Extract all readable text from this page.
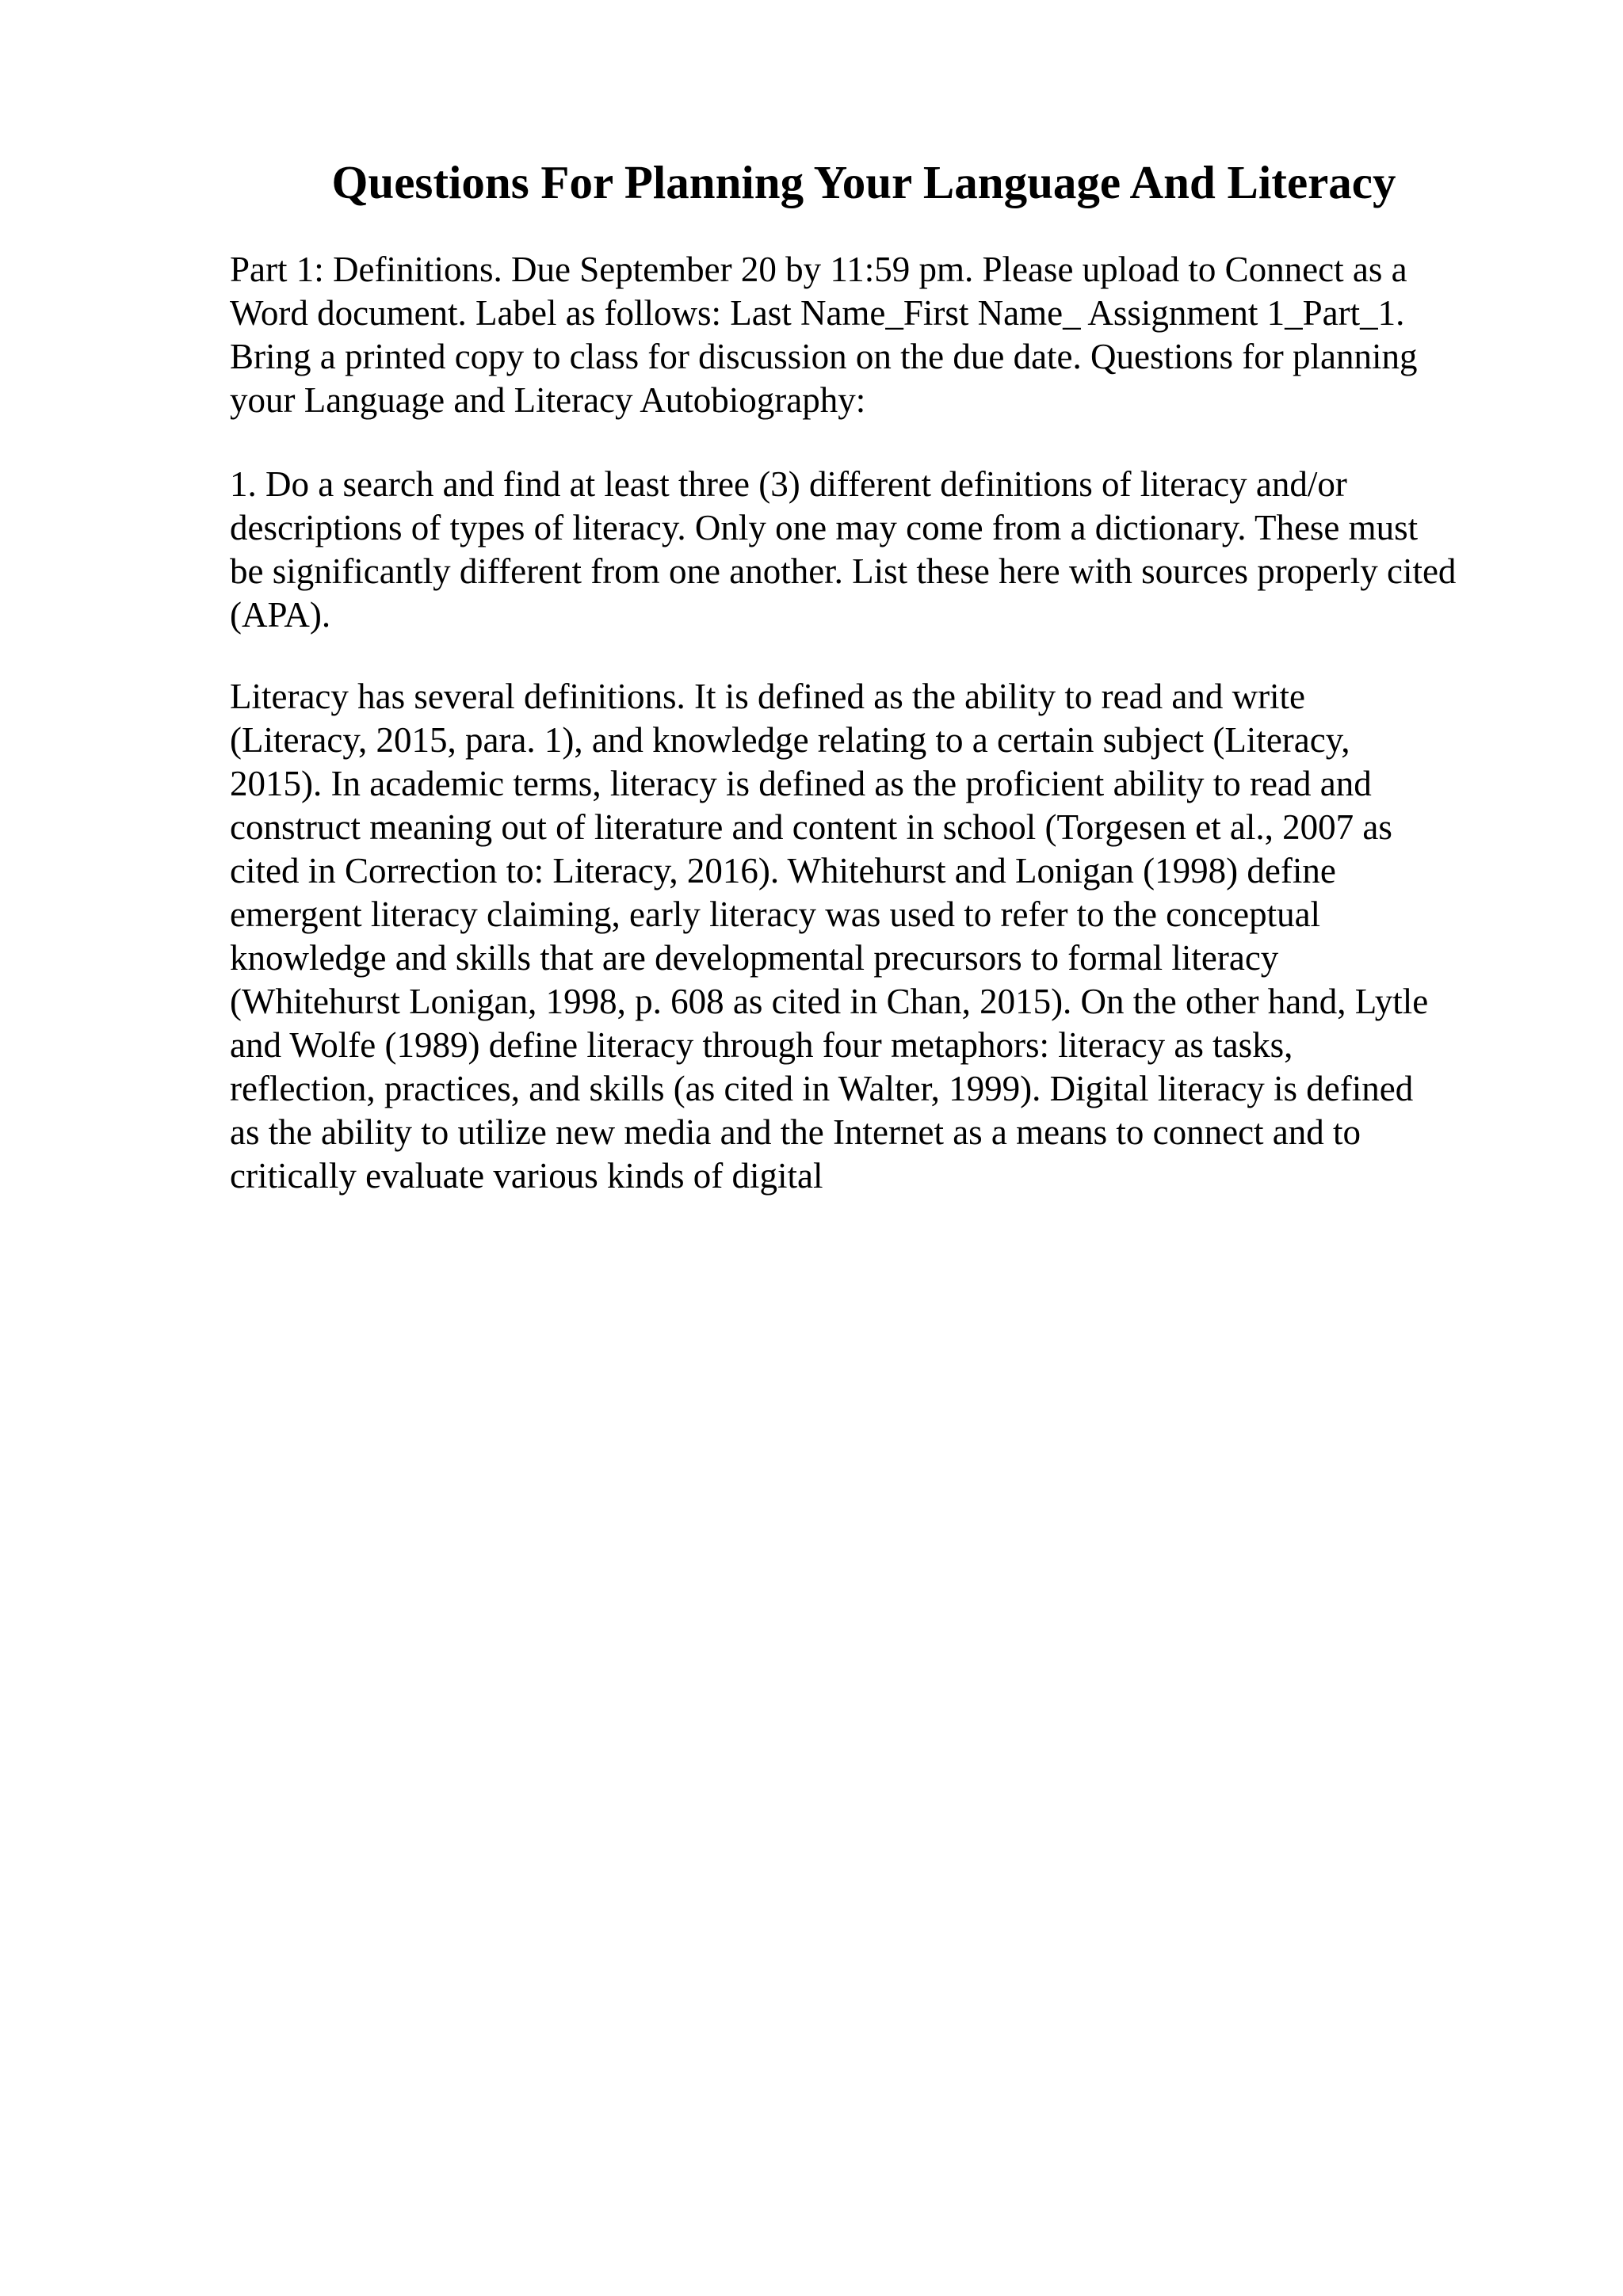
Questions For Planning Your Language And Literacy

Part 1: Definitions. Due September 20 by 11:59 pm. Please upload to Connect as a
Word document. Label as follows: Last Name_First Name_ Assignment 1_Part_1.
Bring a printed copy to class for discussion on the due date. Questions for planning
your Language and Literacy Autobiography:

1. Do a search and find at least three (3) different definitions of literacy and/or
descriptions of types of literacy. Only one may come from a dictionary. These must
be significantly different from one another. List these here with sources properly cited
(APA).

Literacy has several definitions. It is defined as the ability to read and write
(Literacy, 2015, para. 1), and knowledge relating to a certain subject (Literacy,
2015). In academic terms, literacy is defined as the proficient ability to read and
construct meaning out of literature and content in school (Torgesen et al., 2007 as
cited in Correction to: Literacy, 2016). Whitehurst and Lonigan (1998) define
emergent literacy claiming, early literacy was used to refer to the conceptual
knowledge and skills that are developmental precursors to formal literacy
(Whitehurst Lonigan, 1998, p. 608 as cited in Chan, 2015). On the other hand, Lytle
and Wolfe (1989) define literacy through four metaphors: literacy as tasks,
reflection, practices, and skills (as cited in Walter, 1999). Digital literacy is defined
as the ability to utilize new media and the Internet as a means to connect and to
critically evaluate various kinds of digital
